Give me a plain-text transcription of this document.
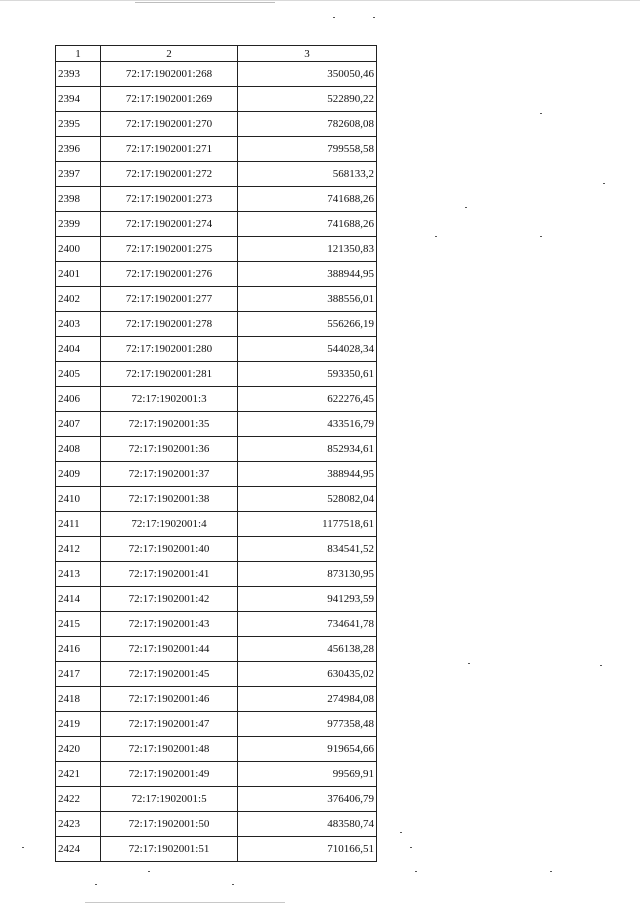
1	2	3
2393	72:17:1902001:268	350050,46
2394	72:17:1902001:269	522890,22
2395	72:17:1902001:270	782608,08
2396	72:17:1902001:271	799558,58
2397	72:17:1902001:272	568133,2
2398	72:17:1902001:273	741688,26
2399	72:17:1902001:274	741688,26
2400	72:17:1902001:275	121350,83
2401	72:17:1902001:276	388944,95
2402	72:17:1902001:277	388556,01
2403	72:17:1902001:278	556266,19
2404	72:17:1902001:280	544028,34
2405	72:17:1902001:281	593350,61
2406	72:17:1902001:3	622276,45
2407	72:17:1902001:35	433516,79
2408	72:17:1902001:36	852934,61
2409	72:17:1902001:37	388944,95
2410	72:17:1902001:38	528082,04
2411	72:17:1902001:4	1177518,61
2412	72:17:1902001:40	834541,52
2413	72:17:1902001:41	873130,95
2414	72:17:1902001:42	941293,59
2415	72:17:1902001:43	734641,78
2416	72:17:1902001:44	456138,28
2417	72:17:1902001:45	630435,02
2418	72:17:1902001:46	274984,08
2419	72:17:1902001:47	977358,48
2420	72:17:1902001:48	919654,66
2421	72:17:1902001:49	99569,91
2422	72:17:1902001:5	376406,79
2423	72:17:1902001:50	483580,74
2424	72:17:1902001:51	710166,51
